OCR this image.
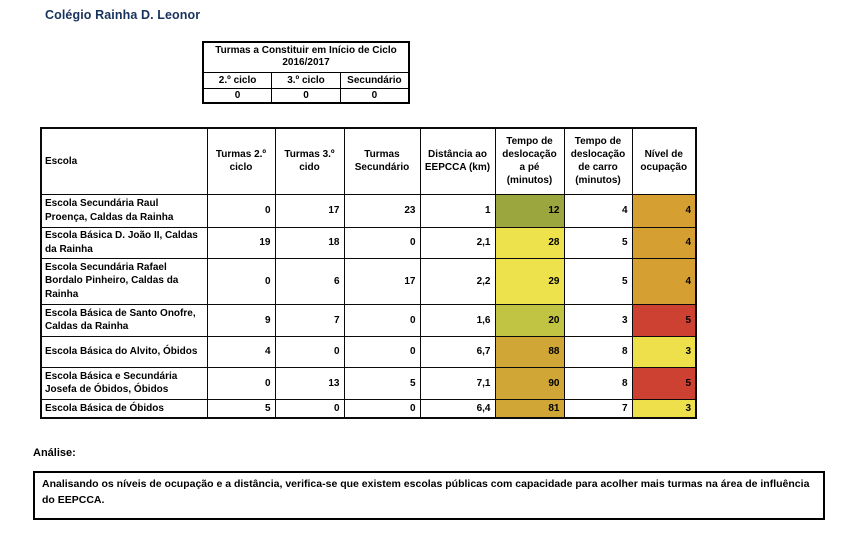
Colégio Rainha D. Leonor
Turmas a Constituir em Início de Ciclo 2016/2017		
2.º ciclo	3.º ciclo	Secundário
0	0	0
Escola	Turmas 2.º ciclo	Turmas 3.º cido	Turmas Secundário	Distância ao EEPCCA (km)	Tempo de deslocação a pé (minutos)	Tempo de deslocação de carro (minutos)	Nível de ocupação
Escola Secundária Raul Proença, Caldas da Rainha	0	17	23	1	12	4	4
Escola Básica D. João II, Caldas da Rainha	19	18	0	2,1	28	5	4
Escola Secundária Rafael Bordalo Pinheiro, Caldas da Rainha	0	6	17	2,2	29	5	4
Escola Básica de Santo Onofre, Caldas da Rainha	9	7	0	1,6	20	3	5
Escola Básica do Alvito, Óbidos	4	0	0	6,7	88	8	3
Escola Básica e Secundária Josefa de Óbidos, Óbidos	0	13	5	7,1	90	8	5
Escola Básica de Óbidos	5	0	0	6,4	81	7	3
Análise:
Analisando os níveis de ocupação e a distância, verifica-se que existem escolas públicas com capacidade para acolher mais turmas na área de influência do EEPCCA.
